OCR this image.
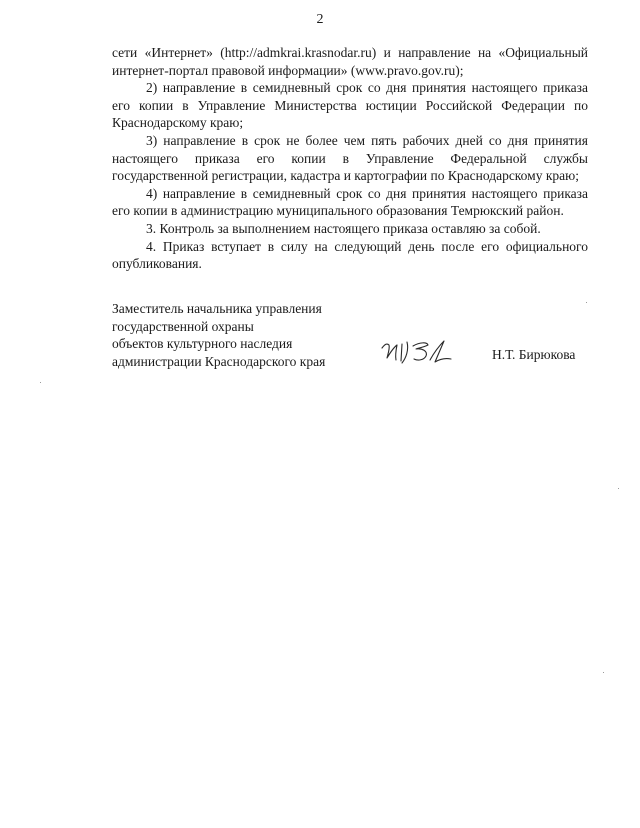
2

сети «Интернет» (http://admkrai.krasnodar.ru) и направление на «Официальный интернет-портал правовой информации» (www.pravo.gov.ru);

2) направление в семидневный срок со дня принятия настоящего приказа его копии в Управление Министерства юстиции Российской Федерации по Краснодарскому краю;

3) направление в срок не более чем пять рабочих дней со дня принятия настоящего приказа его копии в Управление Федеральной службы государственной регистрации, кадастра и картографии по Краснодарскому краю;

4) направление в семидневный срок со дня принятия настоящего приказа его копии в администрацию муниципального образования Темрюкский район.

3. Контроль за выполнением настоящего приказа оставляю за собой.

4. Приказ вступает в силу на следующий день после его официального опубликования.

Заместитель начальника управления
государственной охраны
объектов культурного наследия
администрации Краснодарского края	Н.Т. Бирюкова
